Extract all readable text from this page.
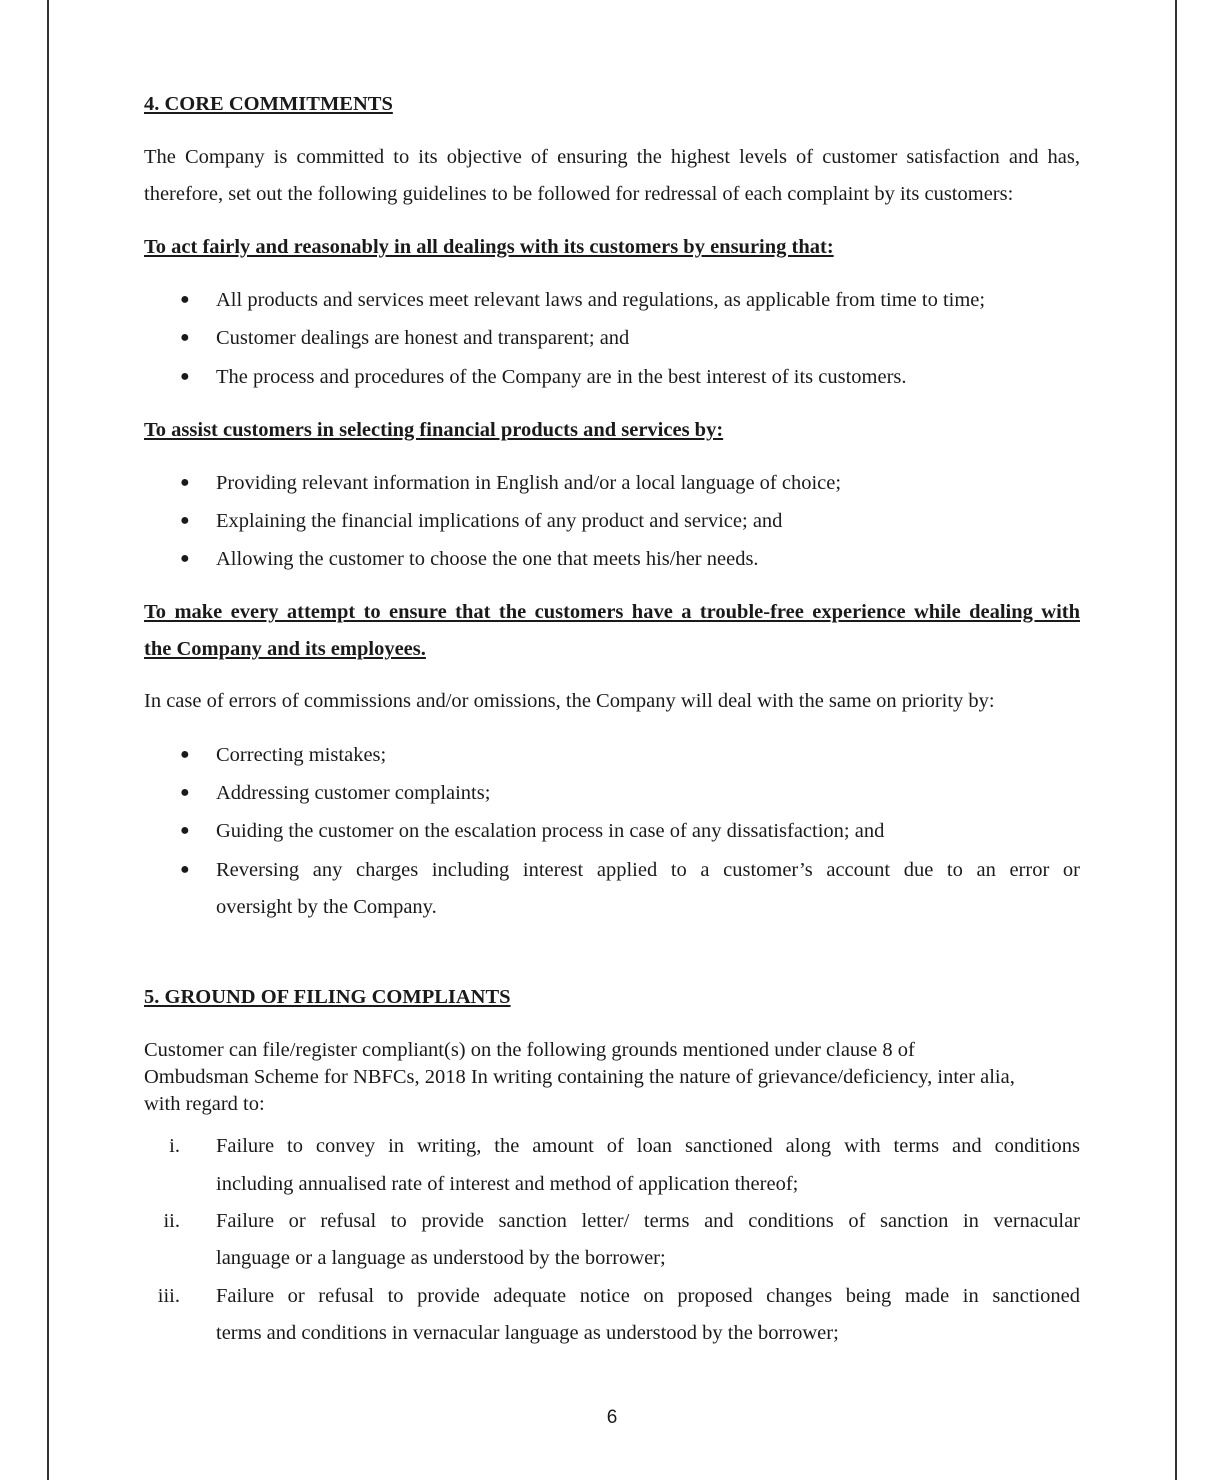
4. CORE COMMITMENTS
The Company is committed to its objective of ensuring the highest levels of customer satisfaction and has,
therefore, set out the following guidelines to be followed for redressal of each complaint by its customers:
To act fairly and reasonably in all dealings with its customers by ensuring that:
● All products and services meet relevant laws and regulations, as applicable from time to time;
● Customer dealings are honest and transparent; and
● The process and procedures of the Company are in the best interest of its customers.
To assist customers in selecting financial products and services by:
● Providing relevant information in English and/or a local language of choice;
● Explaining the financial implications of any product and service; and
● Allowing the customer to choose the one that meets his/her needs.
To make every attempt to ensure that the customers have a trouble-free experience while dealing with
the Company and its employees.
In case of errors of commissions and/or omissions, the Company will deal with the same on priority by:
● Correcting mistakes;
● Addressing customer complaints;
● Guiding the customer on the escalation process in case of any dissatisfaction; and
● Reversing any charges including interest applied to a customer’s account due to an error or
oversight by the Company.
5. GROUND OF FILING COMPLIANTS
Customer can file/register compliant(s) on the following grounds mentioned under clause 8 of
Ombudsman Scheme for NBFCs, 2018 In writing containing the nature of grievance/deficiency, inter alia,
with regard to:
i. Failure to convey in writing, the amount of loan sanctioned along with terms and conditions
including annualised rate of interest and method of application thereof;
ii. Failure or refusal to provide sanction letter/ terms and conditions of sanction in vernacular
language or a language as understood by the borrower;
iii. Failure or refusal to provide adequate notice on proposed changes being made in sanctioned
terms and conditions in vernacular language as understood by the borrower;
6
